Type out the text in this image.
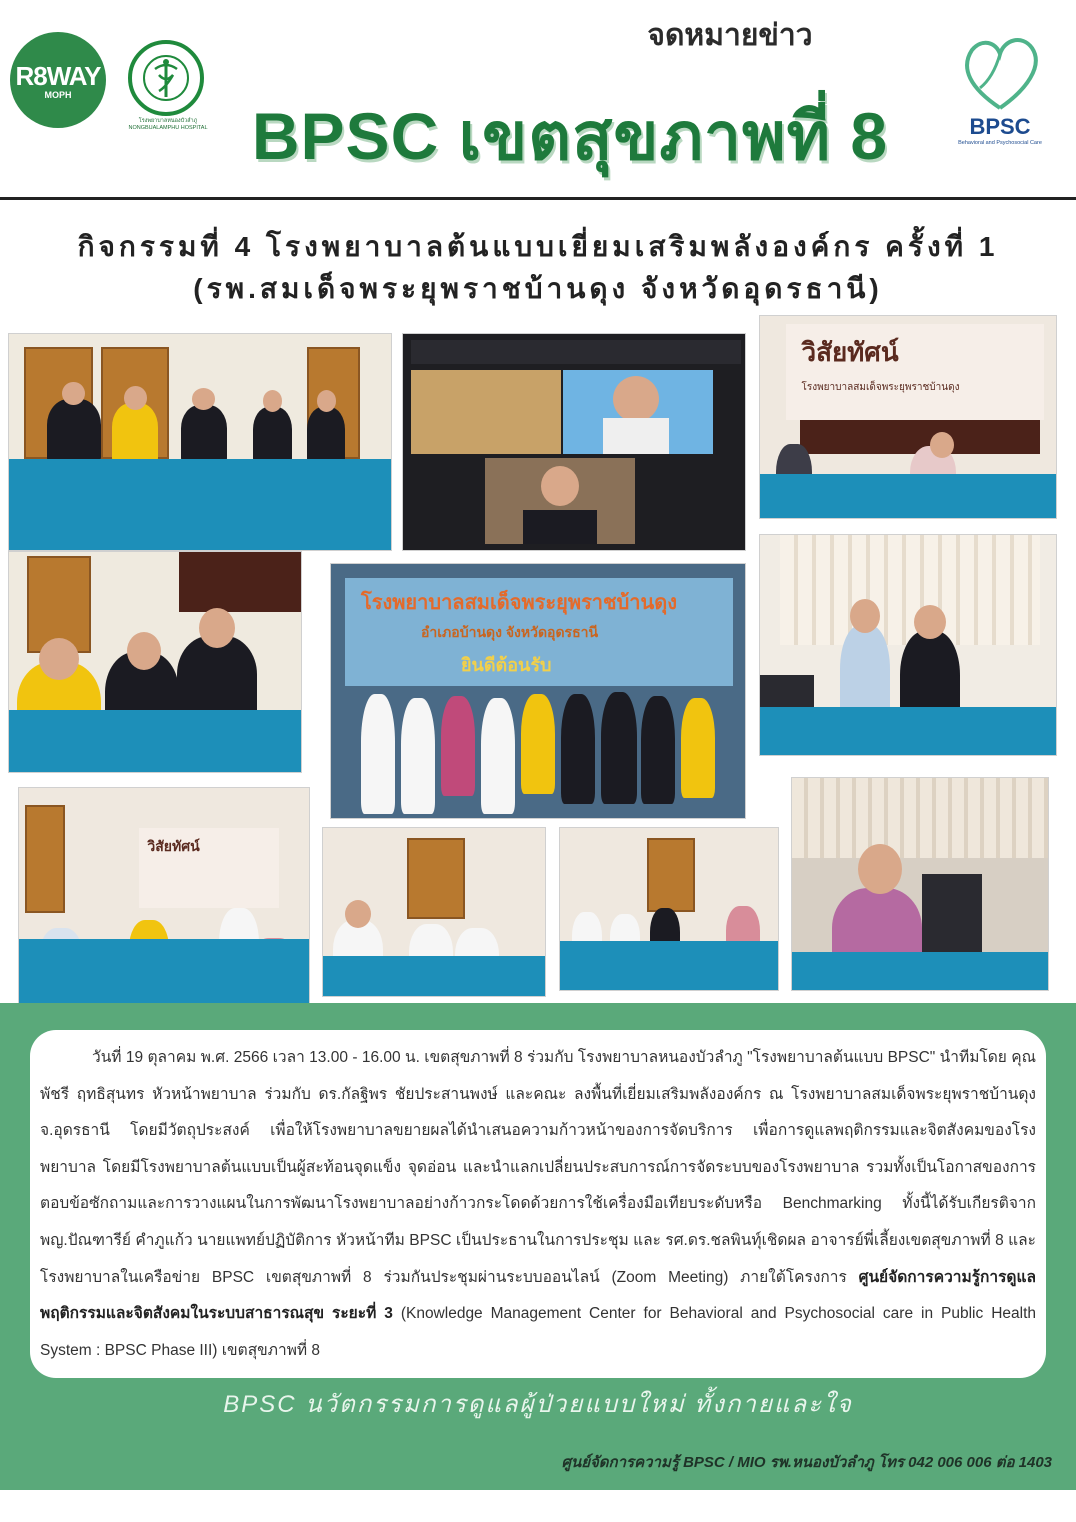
R8WAY
MOPH
โรงพยาบาลหนองบัวลำภู NONGBUALAMPHU HOSPITAL
จดหมายข่าว
BPSC เขตสุขภาพที่ 8	BPSC
Behavioral and Psychosocial Care
กิจกรรมที่ 4 โรงพยาบาลต้นแบบเยี่ยมเสริมพลังองค์กร ครั้งที่ 1
(รพ.สมเด็จพระยุพราชบ้านดุง จังหวัดอุดรธานี)
วิสัยทัศน์
โรงพยาบาลสมเด็จพระยุพราชบ้านดุง
โรงพยาบาลสมเด็จพระยุพราชบ้านดุง
อำเภอบ้านดุง จังหวัดอุดรธานี
ยินดีต้อนรับ
วิสัยทัศน์
วันที่ 19 ตุลาคม พ.ศ. 2566 เวลา 13.00 - 16.00 น. เขตสุขภาพที่ 8 ร่วมกับ โรงพยาบาลหนองบัวลำภู "โรงพยาบาลต้นแบบ BPSC" นำทีมโดย คุณพัชรี ฤทธิสุนทร หัวหน้าพยาบาล ร่วมกับ ดร.กัลฐิพร ชัยประสานพงษ์ และคณะ ลงพื้นที่เยี่ยมเสริมพลังองค์กร ณ โรงพยาบาลสมเด็จพระยุพราชบ้านดุง จ.อุดรธานี โดยมีวัตถุประสงค์ เพื่อให้โรงพยาบาลขยายผลได้นำเสนอความก้าวหน้าของการจัดบริการ เพื่อการดูแลพฤติกรรมและจิตสังคมของโรงพยาบาล โดยมีโรงพยาบาลต้นแบบเป็นผู้สะท้อนจุดแข็ง จุดอ่อน และนำแลกเปลี่ยนประสบการณ์การจัดระบบของโรงพยาบาล รวมทั้งเป็นโอกาสของการตอบข้อซักถามและการวางแผนในการพัฒนาโรงพยาบาลอย่างก้าวกระโดดด้วยการใช้เครื่องมือเทียบระดับหรือ Benchmarking ทั้งนี้ได้รับเกียรติจาก พญ.ปัณฑารีย์ คำภูแก้ว นายแพทย์ปฏิบัติการ หัวหน้าทีม BPSC เป็นประธานในการประชุม และ รศ.ดร.ชลพินทุ์เชิดผล อาจารย์พี่เลี้ยงเขตสุขภาพที่ 8 และโรงพยาบาลในเครือข่าย BPSC เขตสุขภาพที่ 8 ร่วมกันประชุมผ่านระบบออนไลน์ (Zoom Meeting) ภายใต้โครงการ ศูนย์จัดการความรู้การดูแลพฤติกรรมและจิตสังคมในระบบสาธารณสุข ระยะที่ 3 (Knowledge Management Center for Behavioral and Psychosocial care in Public Health System : BPSC Phase III) เขตสุขภาพที่ 8
BPSC นวัตกรรมการดูแลผู้ป่วยแบบใหม่ ทั้งกายและใจ
ศูนย์จัดการความรู้ BPSC / MIO รพ.หนองบัวลำภู โทร 042 006 006 ต่อ 1403
